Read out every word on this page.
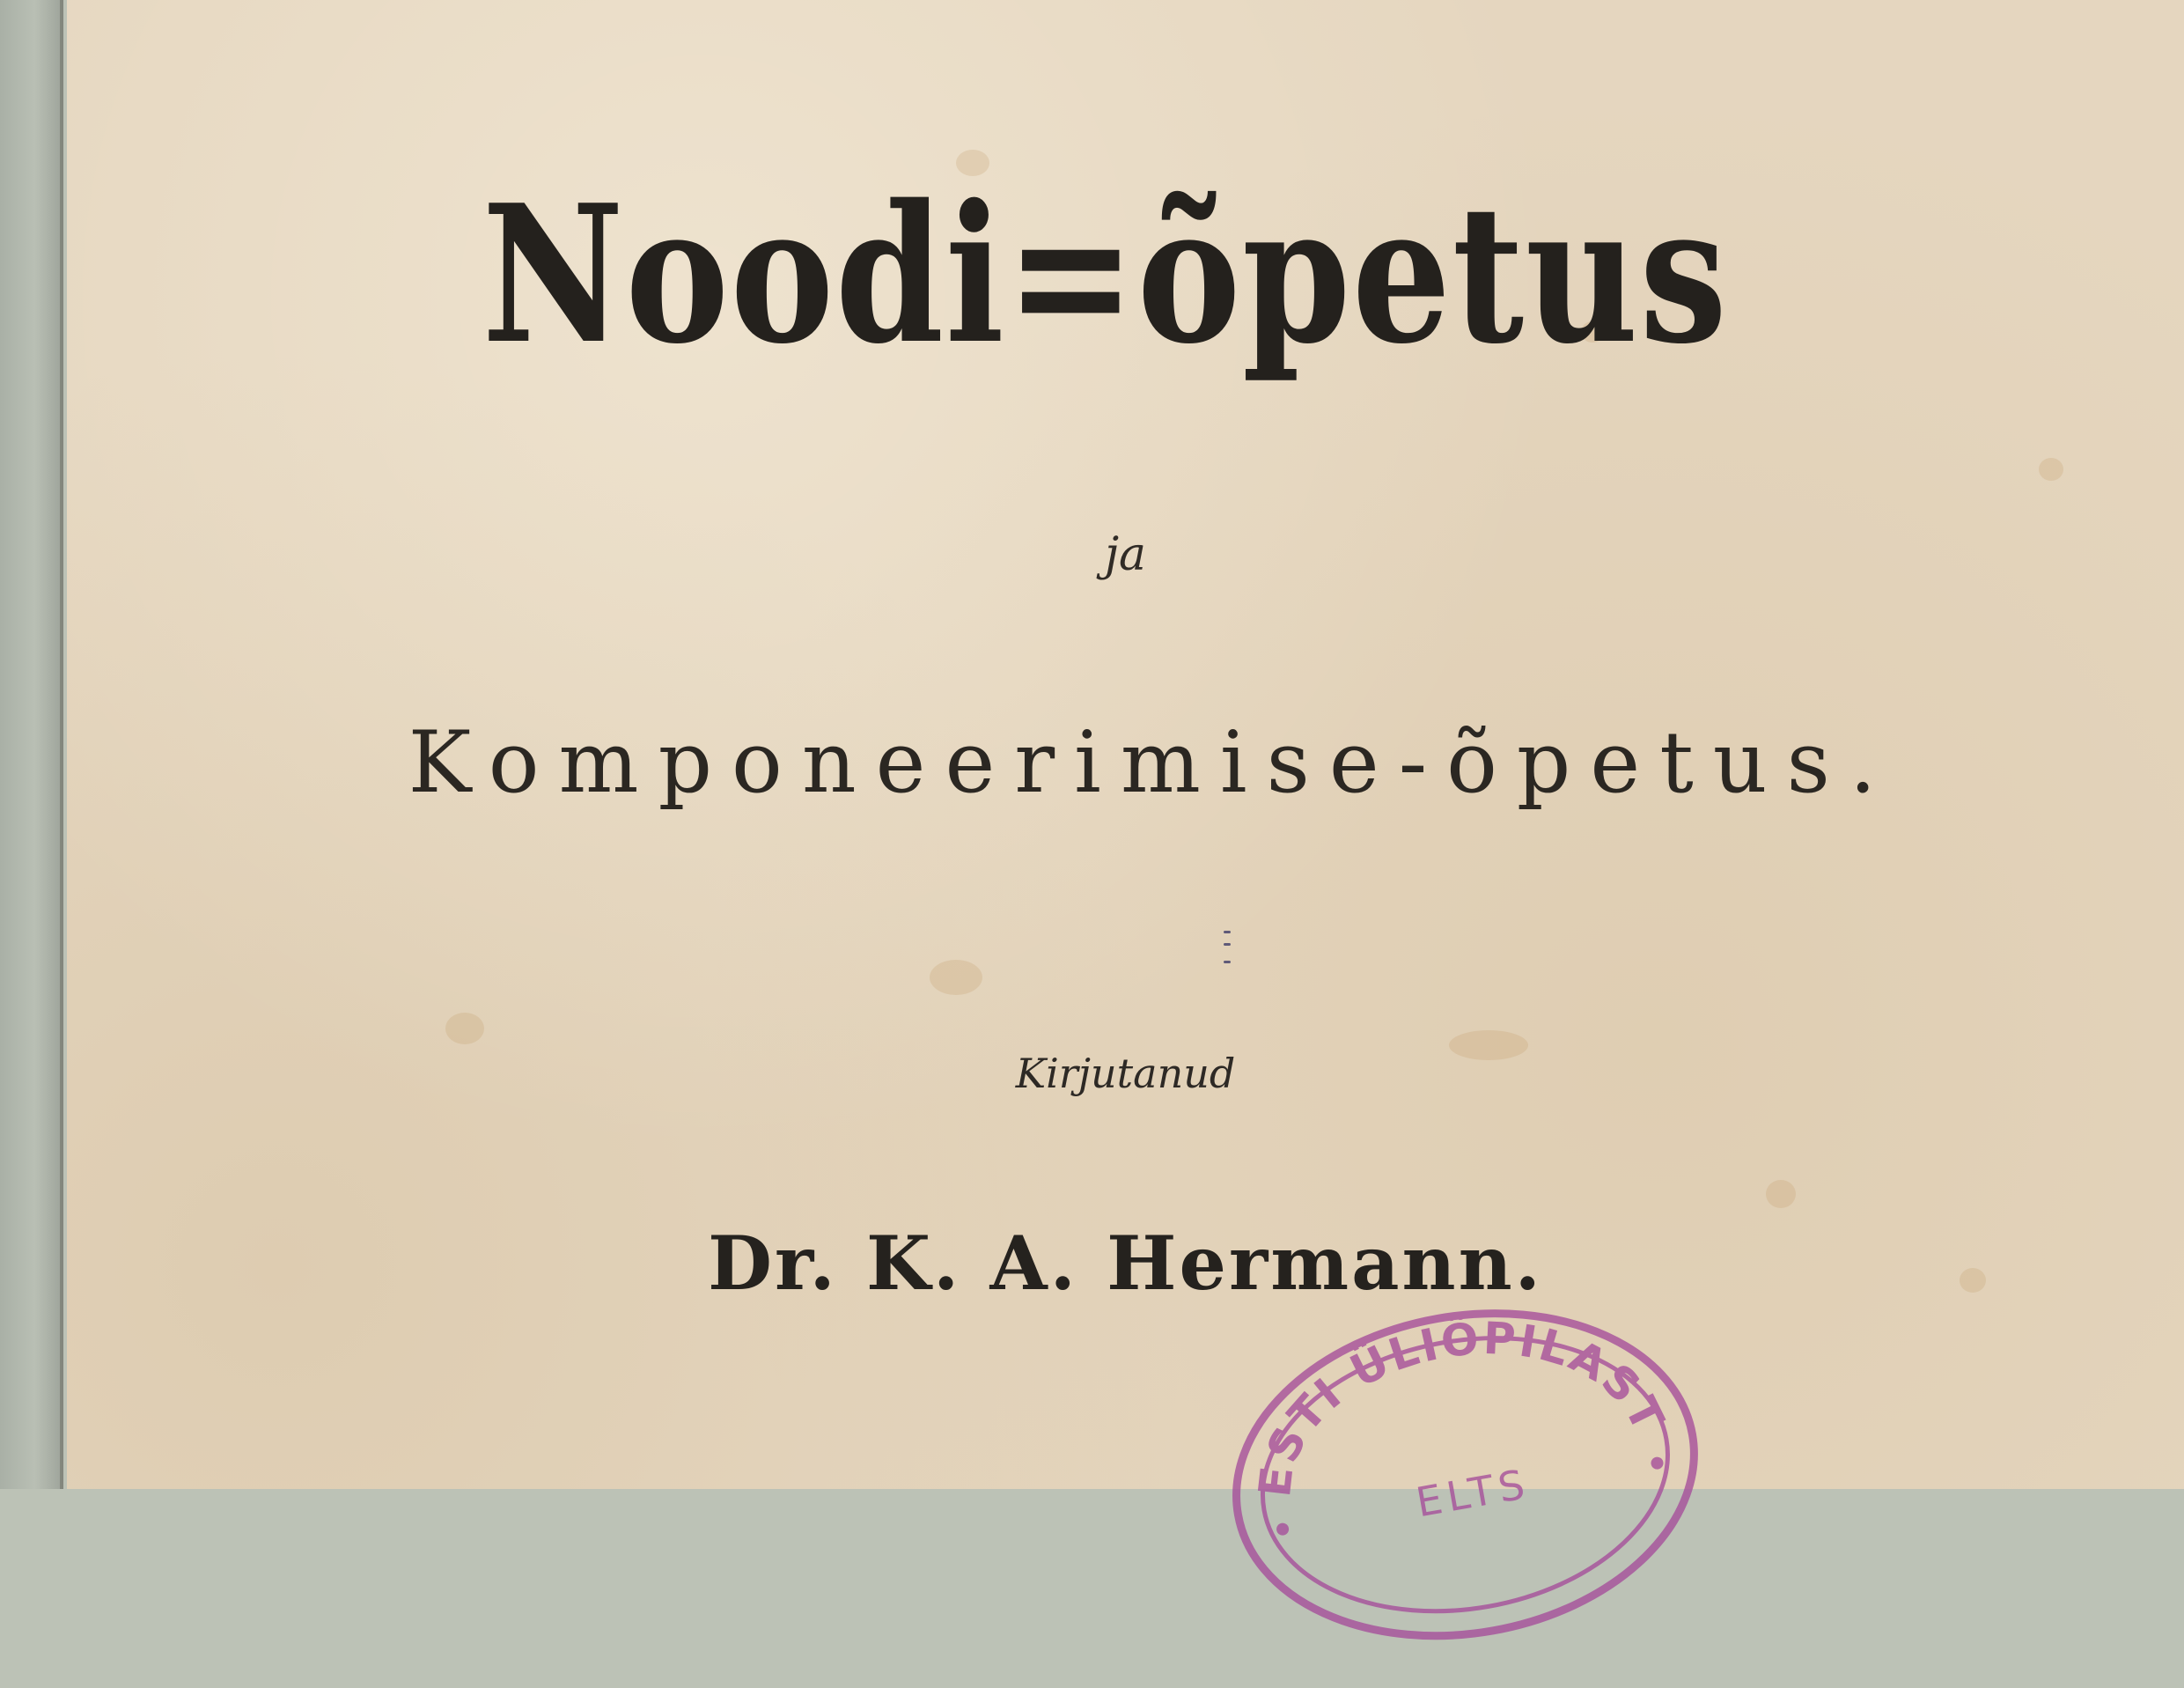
Noodi=õpetus
ja
Komponeerimise-õpetus.
Kirjutanud
Dr. K. A. Hermann.
EESTI ÜLIÕPILASTE
ELTS
